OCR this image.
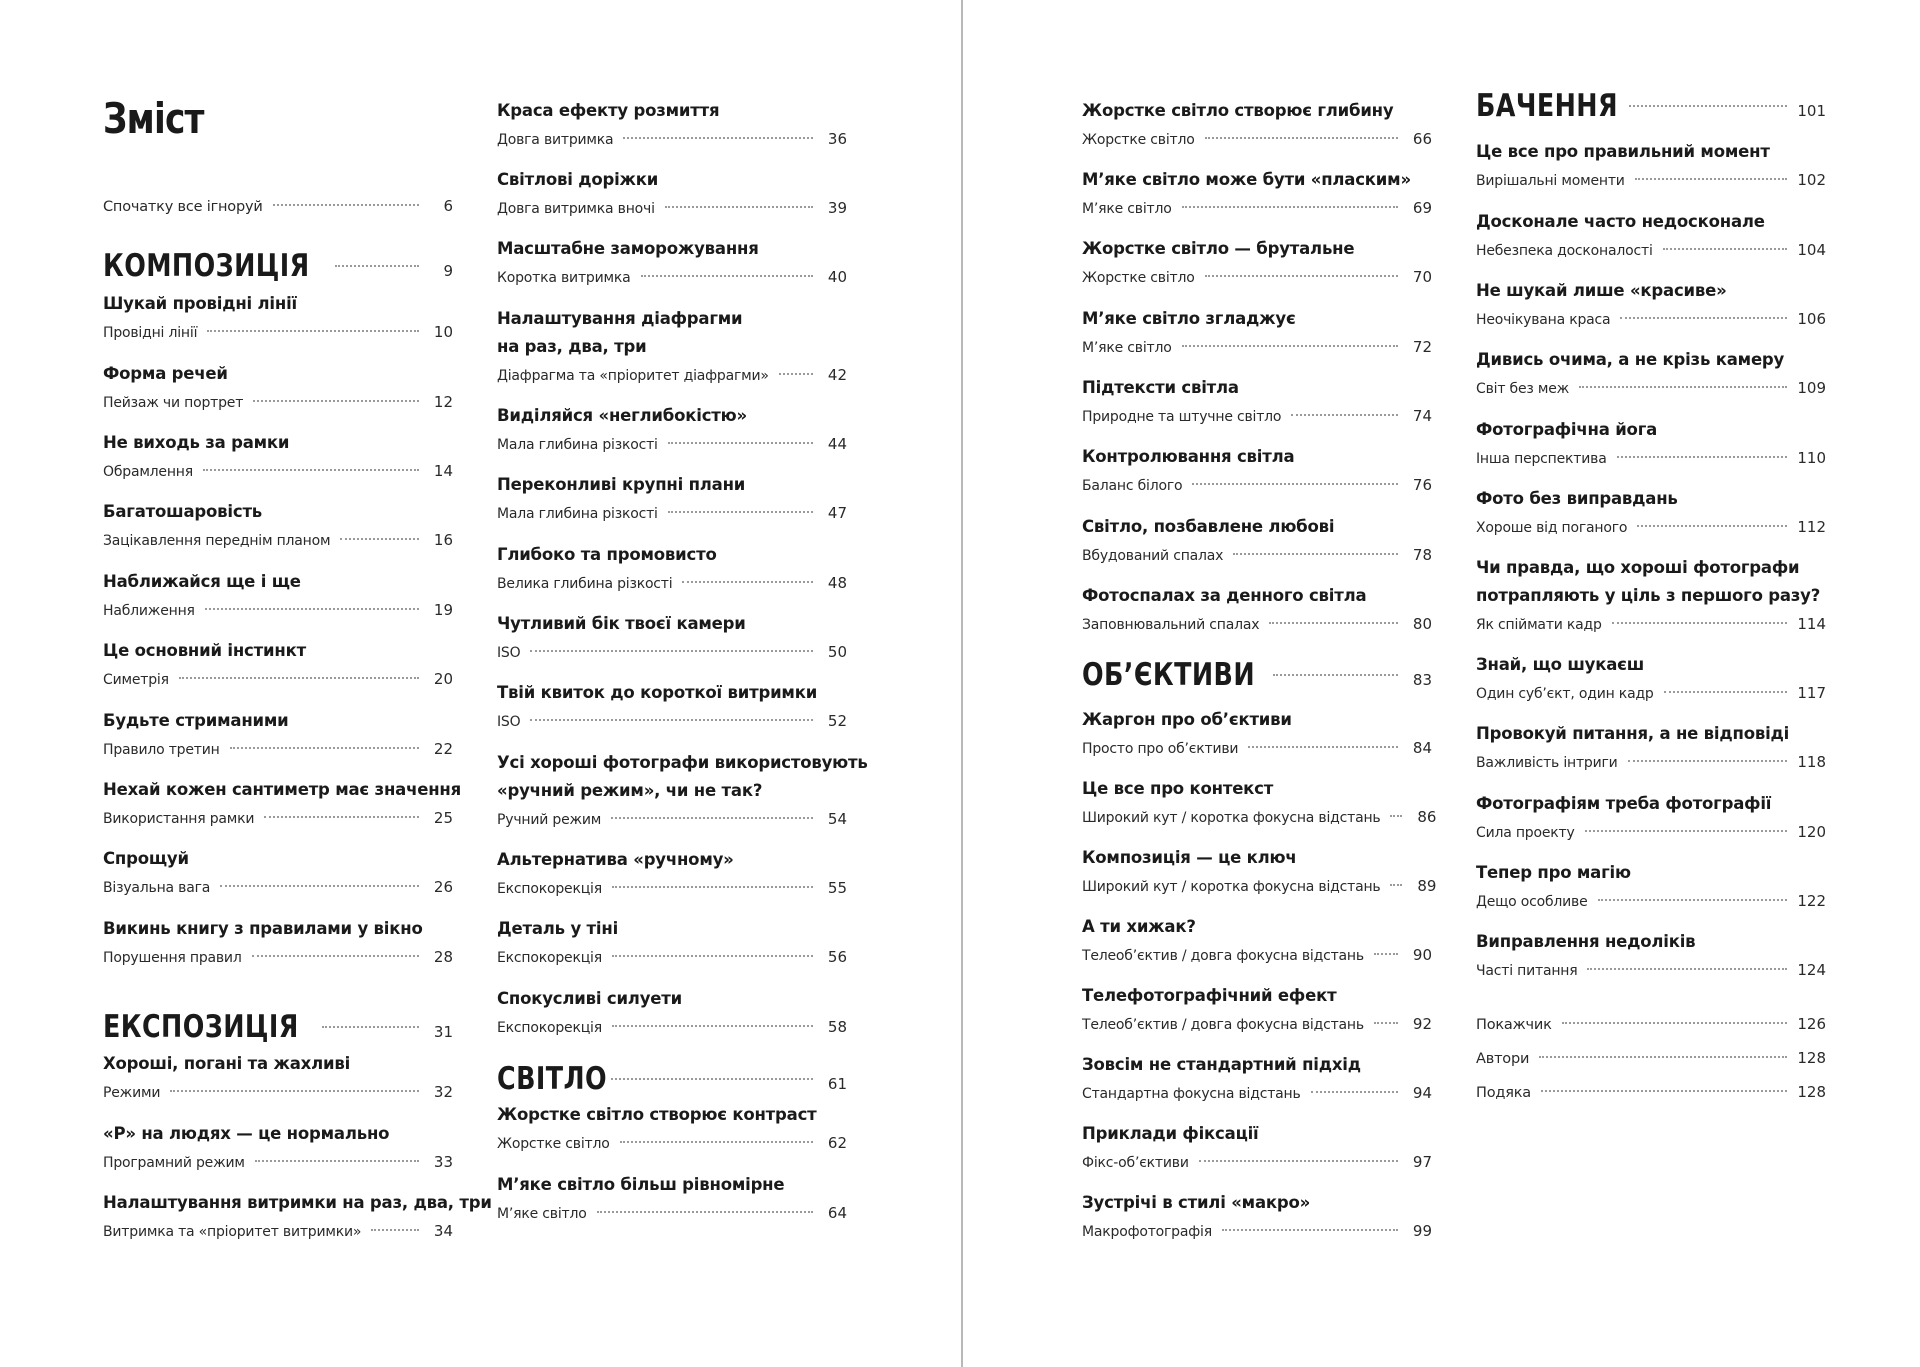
Зміст
Спочатку все ігноруй	6
КОМПОЗИЦІЯ	9
Шукай провідні лінії
Провідні лінії	10
Форма речей
Пейзаж чи портрет	12
Не виходь за рамки
Обрамлення	14
Багатошаровість
Зацікавлення переднім планом	16
Наближайся ще і ще
Наближення	19
Це основний інстинкт
Симетрія	20
Будьте стриманими
Правило третин	22
Нехай кожен сантиметр має значення
Використання рамки	25
Спрощуй
Візуальна вага	26
Викинь книгу з правилами у вікно
Порушення правил	28
ЕКСПОЗИЦІЯ	31
Хороші, погані та жахливі
Режими	32
«P» на людях — це нормально
Програмний режим	33
Налаштування витримки на раз, два, три
Витримка та «пріоритет витримки»	34
Краса ефекту розмиття
Довга витримка	36
Світлові доріжки
Довга витримка вночі	39
Масштабне заморожування
Коротка витримка	40
Налаштування діафрагми
на раз, два, три
Діафрагма та «пріоритет діафрагми»	42
Виділяйся «неглибокістю»
Мала глибина різкості	44
Переконливі крупні плани
Мала глибина різкості	47
Глибоко та промовисто
Велика глибина різкості	48
Чутливий бік твоєї камери
ISO	50
Твій квиток до короткої витримки
ISO	52
Усі хороші фотографи використовують
«ручний режим», чи не так?
Ручний режим	54
Альтернатива «ручному»
Експокорекція	55
Деталь у тіні
Експокорекція	56
Спокусливі силуети
Експокорекція	58
СВІТЛО	61
Жорстке світло створює контраст
Жорстке світло	62
М’яке світло більш рівномірне
М’яке світло	64
Жорстке світло створює глибину
Жорстке світло	66
М’яке світло може бути «пласким»
М’яке світло	69
Жорстке світло — брутальне
Жорстке світло	70
М’яке світло згладжує
М’яке світло	72
Підтексти світла
Природне та штучне світло	74
Контролювання світла
Баланс білого	76
Світло, позбавлене любові
Вбудований спалах	78
Фотоспалах за денного світла
Заповнювальний спалах	80
ОБ’ЄКТИВИ	83
Жаргон про об’єктиви
Просто про об’єктиви	84
Це все про контекст
Широкий кут / коротка фокусна відстань	86
Композиція — це ключ
Широкий кут / коротка фокусна відстань	89
А ти хижак?
Телеоб’єктив / довга фокусна відстань	90
Телефотографічний ефект
Телеоб’єктив / довга фокусна відстань	92
Зовсім не стандартний підхід
Стандартна фокусна відстань	94
Приклади фіксації
Фікс-об’єктиви	97
Зустрічі в стилі «макро»
Макрофотографія	99
БАЧЕННЯ	101
Це все про правильний момент
Вирішальні моменти	102
Досконале часто недосконале
Небезпека досконалості	104
Не шукай лише «красиве»
Неочікувана краса	106
Дивись очима, а не крізь камеру
Світ без меж	109
Фотографічна йога
Інша перспектива	110
Фото без виправдань
Хороше від поганого	112
Чи правда, що хороші фотографи
потрапляють у ціль з першого разу?
Як спіймати кадр	114
Знай, що шукаєш
Один суб’єкт, один кадр	117
Провокуй питання, а не відповіді
Важливість інтриги	118
Фотографіям треба фотографії
Сила проекту	120
Тепер про магію
Дещо особливе	122
Виправлення недоліків
Часті питання	124
Покажчик	126
Автори	128
Подяка	128
